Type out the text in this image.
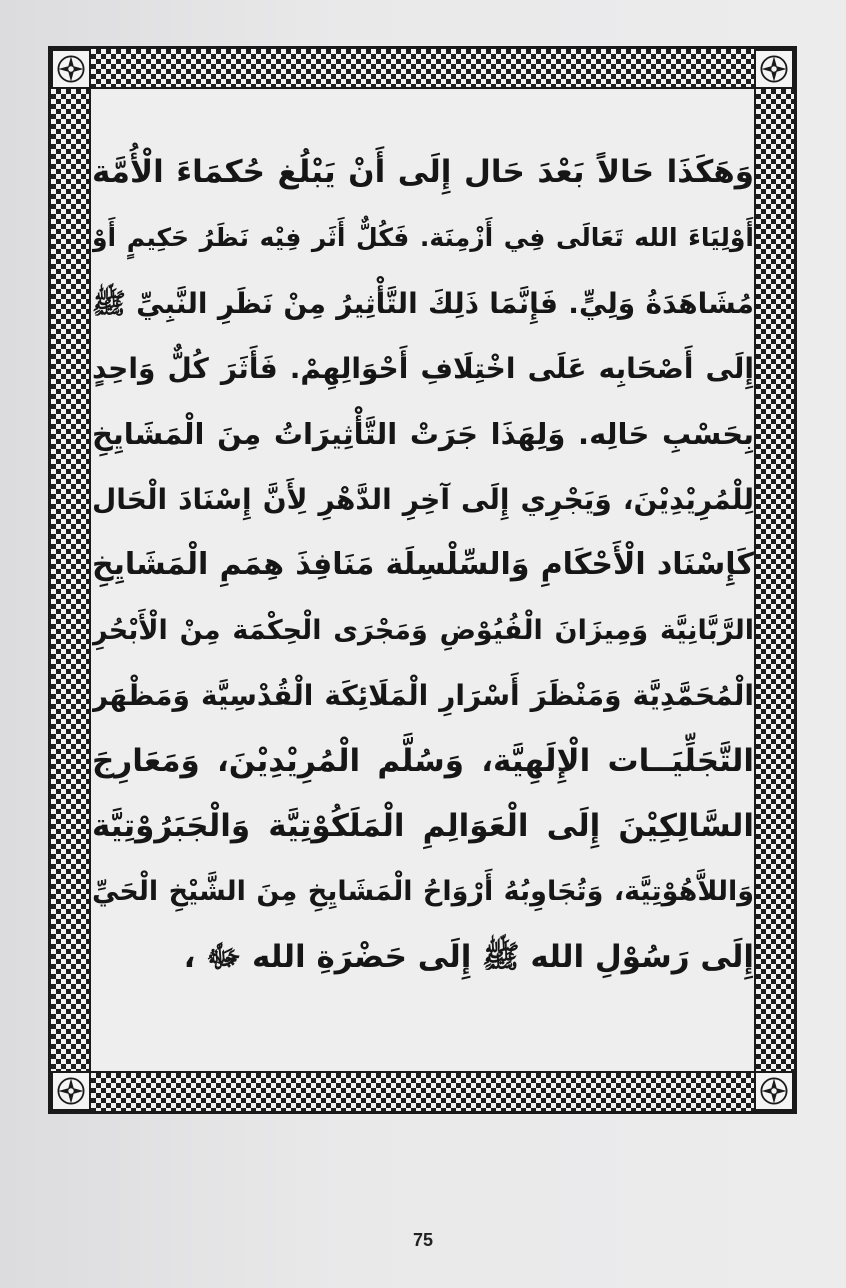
وَهَكَذَا حَالاً بَعْدَ حَال إِلَى أَنْ يَبْلُغ حُكمَاءَ الْأُمَّة
أَوْلِيَاءَ الله تَعَالَى فِي أَزْمِنَة. فَكُلٌّ أَثَر فِيْه نَظَرُ حَكِيمٍ أَوْ
مُشَاهَدَةُ وَلِيٍّ. فَإِنَّمَا ذَلِكَ التَّأْثِيرُ مِنْ نَظَرِ النَّبِيِّ ﷺ
إِلَى أَصْحَابِه عَلَى اخْتِلَافِ أَحْوَالِهِمْ. فَأَثَرَ كُلٌّ وَاحِدٍ
بِحَسْبِ حَالِه. وَلِهَذَا جَرَتْ التَّأْثِيرَاتُ مِنَ الْمَشَايِخِ
لِلْمُرِيْدِيْنَ، وَيَجْرِي إِلَى آخِرِ الدَّهْرِ لِأَنَّ إِسْنَادَ الْحَال
كَإِسْنَاد الْأَحْكَامِ وَالسِّلْسِلَة مَنَافِذَ هِمَمِ الْمَشَايِخِ
الرَّبَّانِيَّة وَمِيزَانَ الْفُيُوْضِ وَمَجْرَى الْحِكْمَة مِنْ الْأَبْحُرِ
الْمُحَمَّدِيَّة وَمَنْظَرَ أَسْرَارِ الْمَلَائِكَة الْقُدْسِيَّة وَمَظْهَر
التَّجَلِّيَــات الْإِلَهِيَّة، وَسُلَّم الْمُرِيْدِيْنَ، وَمَعَارِجَ
السَّالِكِيْنَ إِلَى الْعَوَالِمِ الْمَلَكُوْتِيَّة وَالْجَبَرُوْتِيَّة
وَاللاَّهُوْتِيَّة، وَتُجَاوِبُهُ أَرْوَاحُ الْمَشَايِخِ مِنَ الشَّيْخِ الْحَيِّ
إِلَى رَسُوْلِ الله ﷺ إِلَى حَضْرَةِ الله ﷻ ،
75
